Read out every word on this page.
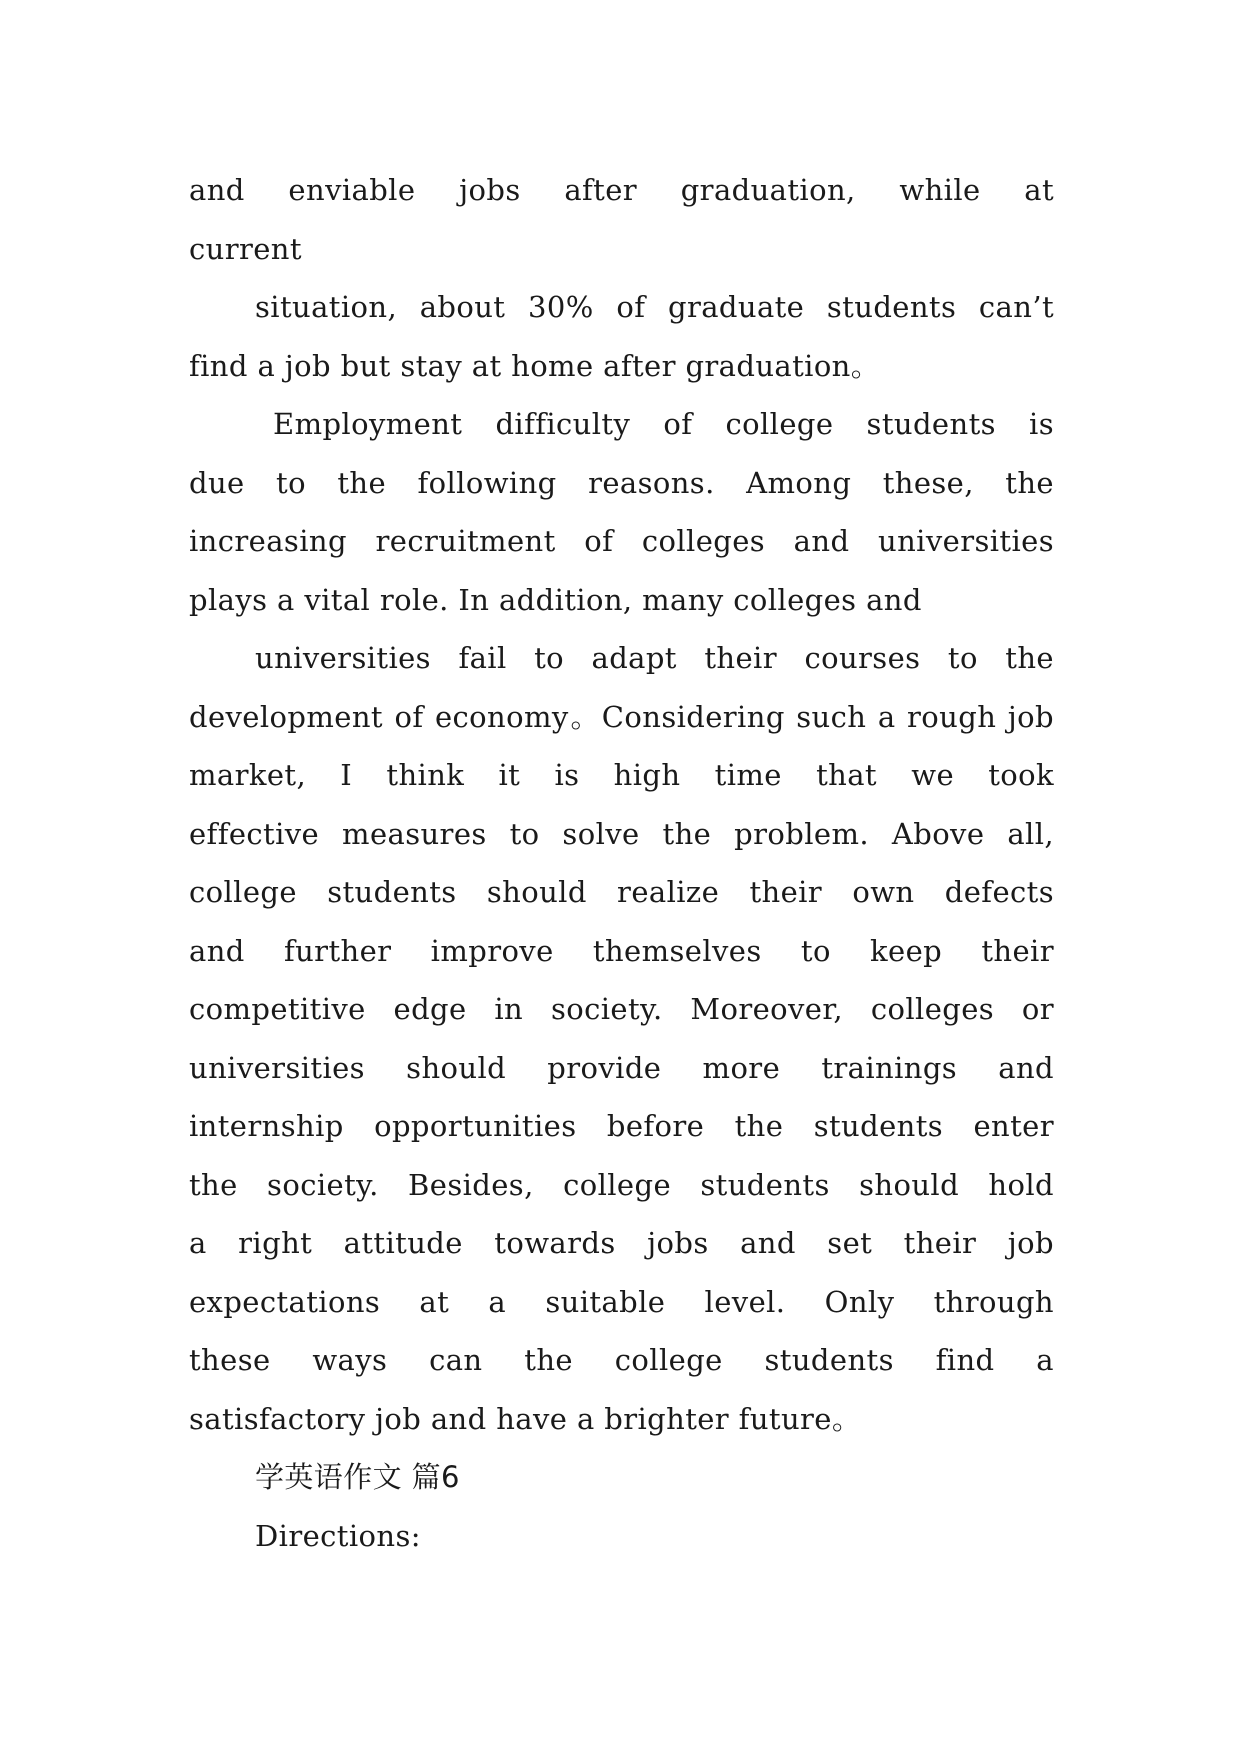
and enviable jobs after graduation, while at
current
situation, about 30% of graduate students can’t
find a job but stay at home after graduation。
Employment difficulty of college students is
due to the following reasons. Among these, the
increasing recruitment of colleges and universities
plays a vital role. In addition, many colleges and
universities fail to adapt their courses to the
development of economy。Considering such a rough job
market, I think it is high time that we took
effective measures to solve the problem. Above all,
college students should realize their own defects
and further improve themselves to keep their
competitive edge in society. Moreover, colleges or
universities should provide more trainings and
internship opportunities before the students enter
the society. Besides, college students should hold
a right attitude towards jobs and set their job
expectations at a suitable level. Only through
these ways can the college students find a
satisfactory job and have a brighter future。
学英语作文 篇6
Directions:
